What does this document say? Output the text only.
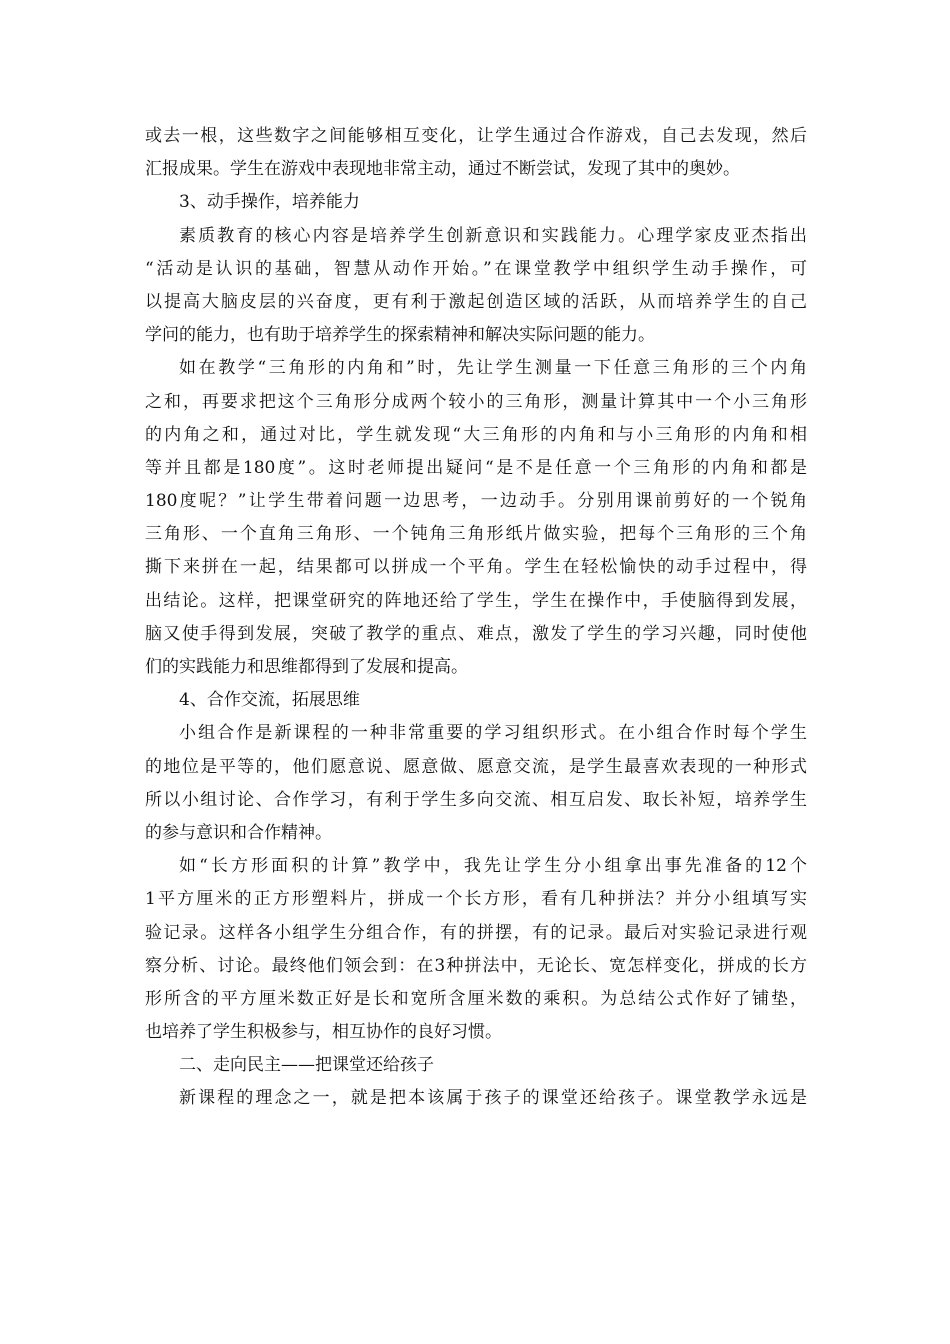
或去一根，这些数字之间能够相互变化，让学生通过合作游戏，自己去发现，然后
汇报成果。学生在游戏中表现地非常主动，通过不断尝试，发现了其中的奥妙。
3、动手操作，培养能力
素质教育的核心内容是培养学生创新意识和实践能力。心理学家皮亚杰指出
“活动是认识的基础，智慧从动作开始。”在课堂教学中组织学生动手操作，可
以提高大脑皮层的兴奋度，更有利于激起创造区域的活跃，从而培养学生的自己
学问的能力，也有助于培养学生的探索精神和解决实际问题的能力。
如在教学“三角形的内角和”时，先让学生测量一下任意三角形的三个内角
之和，再要求把这个三角形分成两个较小的三角形，测量计算其中一个小三角形
的内角之和，通过对比，学生就发现“大三角形的内角和与小三角形的内角和相
等并且都是180度”。这时老师提出疑问“是不是任意一个三角形的内角和都是
180度呢？”让学生带着问题一边思考，一边动手。分别用课前剪好的一个锐角
三角形、一个直角三角形、一个钝角三角形纸片做实验，把每个三角形的三个角
撕下来拼在一起，结果都可以拼成一个平角。学生在轻松愉快的动手过程中，得
出结论。这样，把课堂研究的阵地还给了学生，学生在操作中，手使脑得到发展，
脑又使手得到发展，突破了教学的重点、难点，激发了学生的学习兴趣，同时使他
们的实践能力和思维都得到了发展和提高。
4、合作交流，拓展思维
小组合作是新课程的一种非常重要的学习组织形式。在小组合作时每个学生
的地位是平等的，他们愿意说、愿意做、愿意交流，是学生最喜欢表现的一种形式
所以小组讨论、合作学习，有利于学生多向交流、相互启发、取长补短，培养学生
的参与意识和合作精神。
如“长方形面积的计算”教学中，我先让学生分小组拿出事先准备的12个
1平方厘米的正方形塑料片，拼成一个长方形，看有几种拼法？并分小组填写实
验记录。这样各小组学生分组合作，有的拼摆，有的记录。最后对实验记录进行观
察分析、讨论。最终他们领会到：在3种拼法中，无论长、宽怎样变化，拼成的长方
形所含的平方厘米数正好是长和宽所含厘米数的乘积。为总结公式作好了铺垫，
也培养了学生积极参与，相互协作的良好习惯。
二、走向民主——把课堂还给孩子
新课程的理念之一，就是把本该属于孩子的课堂还给孩子。课堂教学永远是
